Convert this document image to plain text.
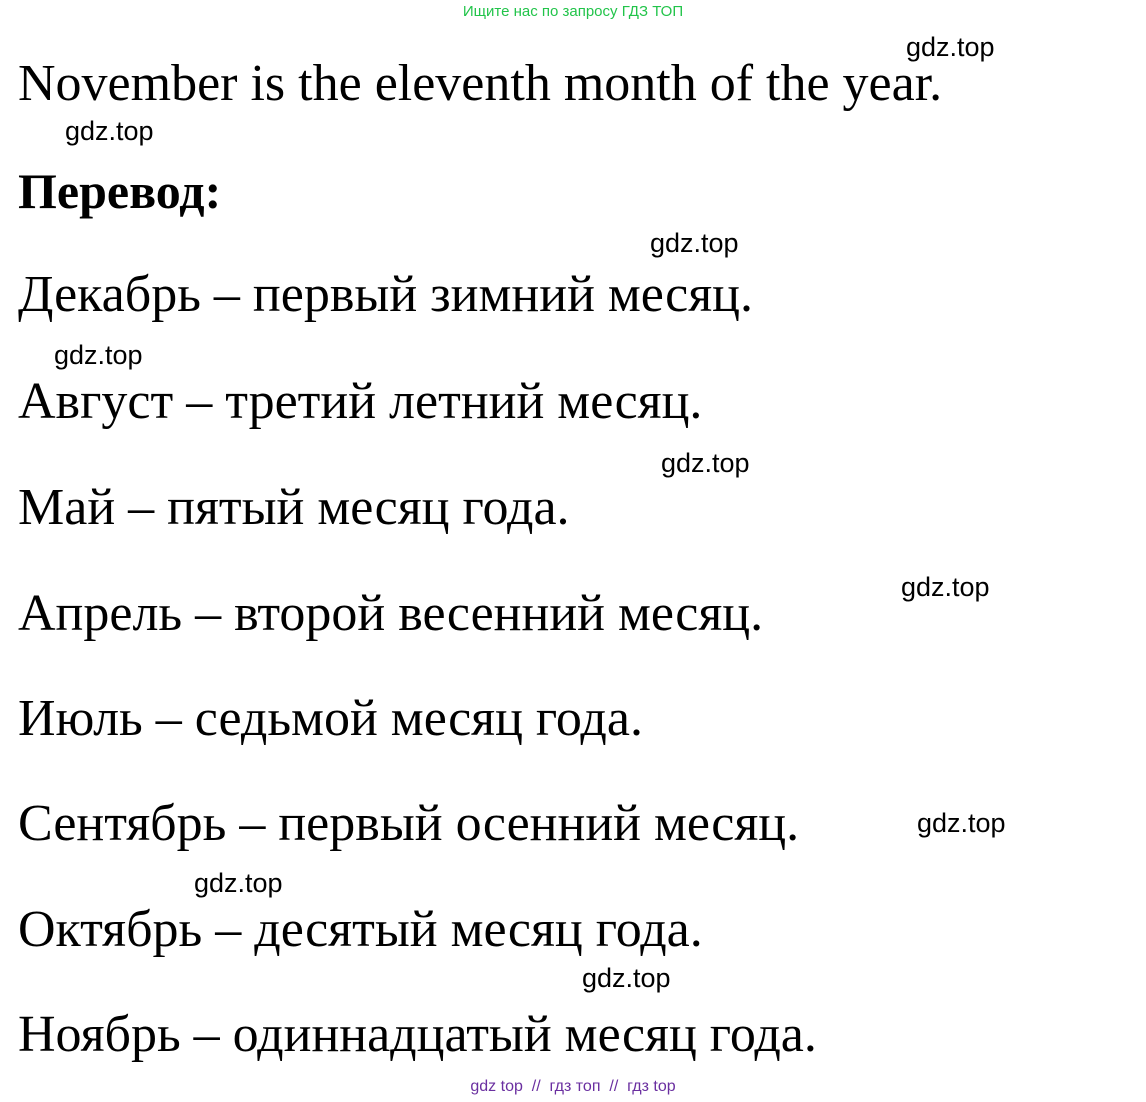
Ищите нас по запросу ГДЗ ТОП
gdz.top
November is the eleventh month of the year.
gdz.top
Перевод:
gdz.top
Декабрь – первый зимний месяц.
gdz.top
Август – третий летний месяц.
gdz.top
Май – пятый месяц года.
gdz.top
Апрель – второй весенний месяц.
Июль – седьмой месяц года.
Сентябрь – первый осенний месяц.	gdz.top
gdz.top
Октябрь – десятый месяц года.
gdz.top
Ноябрь – одиннадцатый месяц года.
gdz top  //  гдз топ  //  гдз top
